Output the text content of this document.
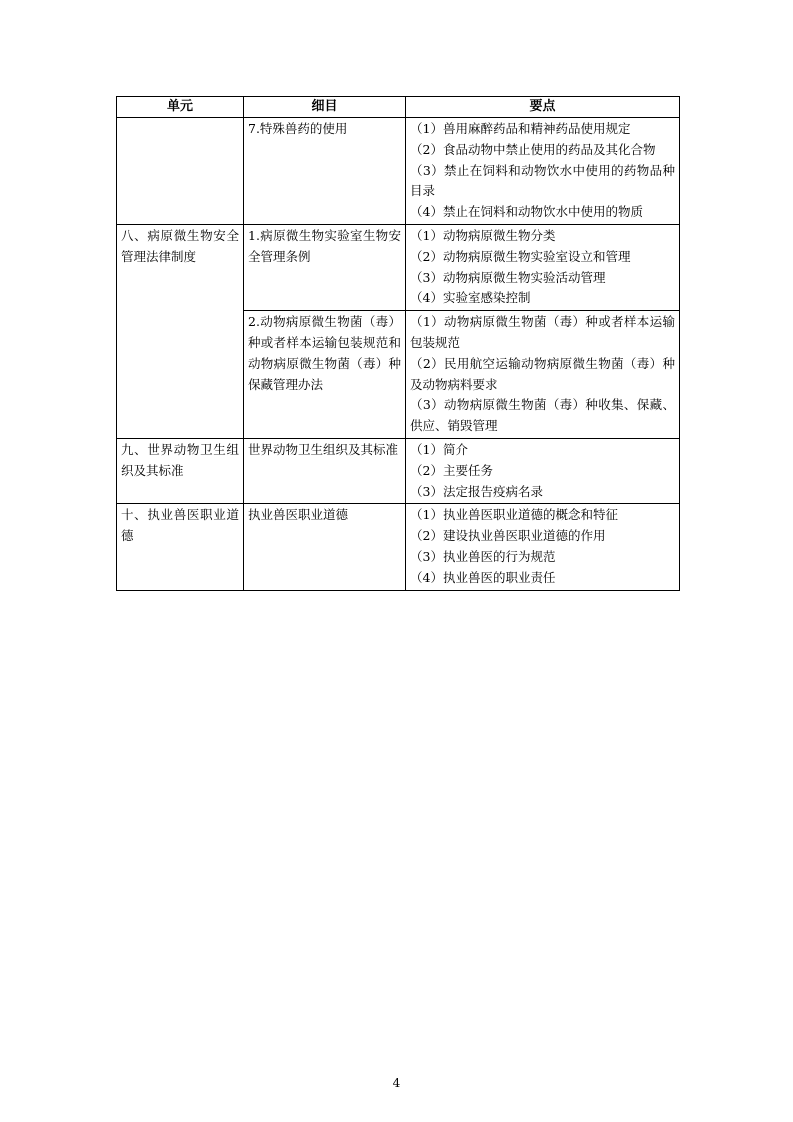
单元	细目	要点
	7.特殊兽药的使用	（1）兽用麻醉药品和精神药品使用规定
（2）食品动物中禁止使用的药品及其化合物
（3）禁止在饲料和动物饮水中使用的药物品种目录
（4）禁止在饲料和动物饮水中使用的物质

八、病原微生物安全管理法律制度	1.病原微生物实验室生物安全管理条例	（1）动物病原微生物分类
（2）动物病原微生物实验室设立和管理
（3）动物病原微生物实验活动管理
（4）实验室感染控制

	2.动物病原微生物菌（毒）种或者样本运输包装规范和动物病原微生物菌（毒）种保藏管理办法	（1）动物病原微生物菌（毒）种或者样本运输包装规范
（2）民用航空运输动物病原微生物菌（毒）种及动物病料要求
（3）动物病原微生物菌（毒）种收集、保藏、供应、销毁管理

九、世界动物卫生组织及其标准	世界动物卫生组织及其标准	（1）简介
（2）主要任务
（3）法定报告疫病名录

十、执业兽医职业道德	执业兽医职业道德	（1）执业兽医职业道德的概念和特征
（2）建设执业兽医职业道德的作用
（3）执业兽医的行为规范
（4）执业兽医的职业责任
4
